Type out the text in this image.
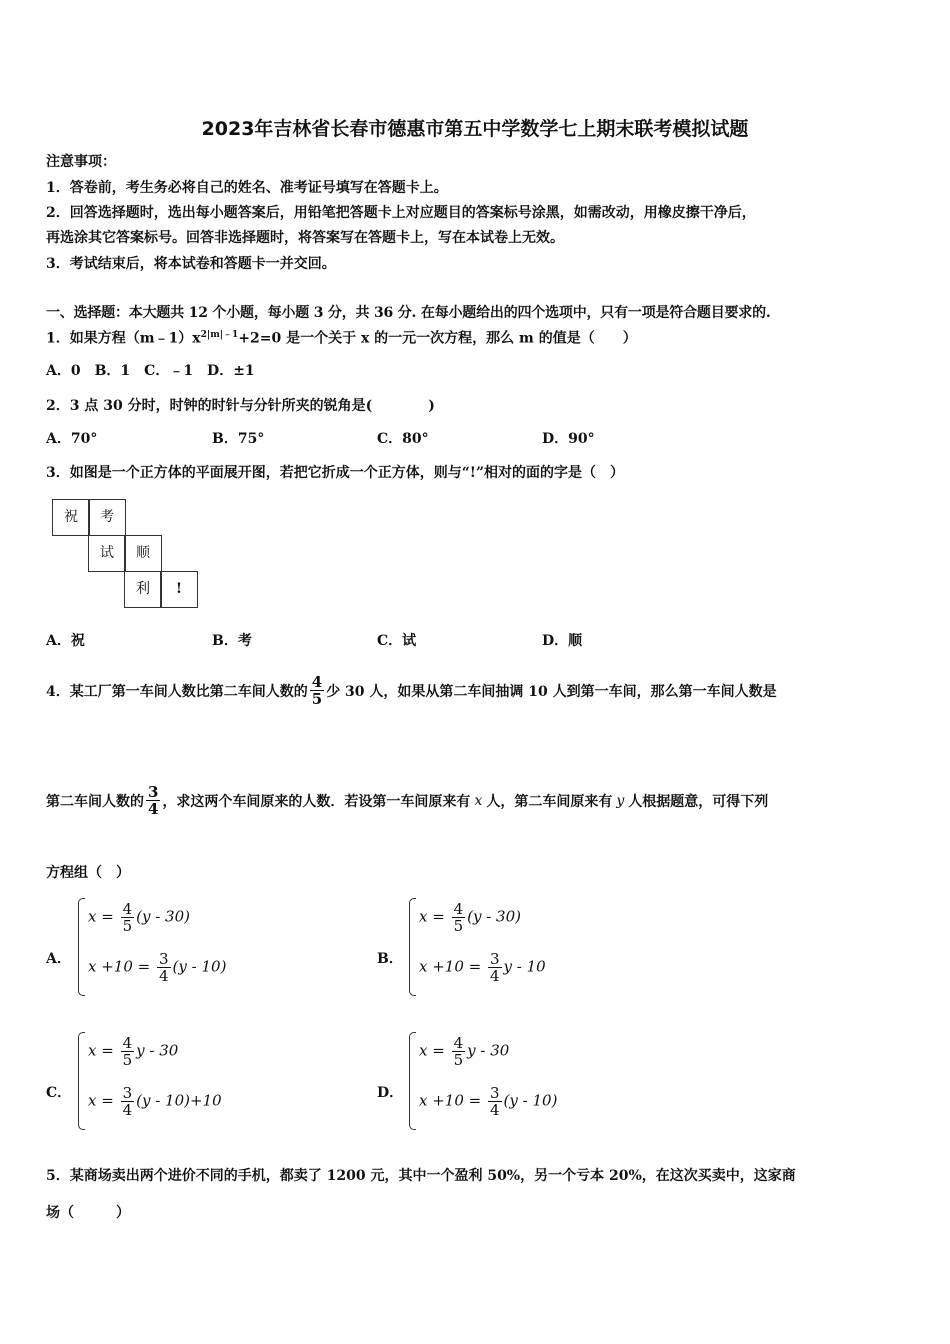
2023年吉林省长春市德惠市第五中学数学七上期末联考模拟试题
注意事项：
1．答卷前，考生务必将自己的姓名、准考证号填写在答题卡上。
2．回答选择题时，选出每小题答案后，用铅笔把答题卡上对应题目的答案标号涂黑，如需改动，用橡皮擦干净后，
再选涂其它答案标号。回答非选择题时，将答案写在答题卡上，写在本试卷上无效。
3．考试结束后，将本试卷和答题卡一并交回。
一、选择题：本大题共 12 个小题，每小题 3 分，共 36 分. 在每小题给出的四个选项中，只有一项是符合题目要求的.
1．如果方程$(m﹣1)x^{2|m|﹣1}+2=0$ 是一个关于 x 的一元一次方程，那么 m 的值是（　　）
A．0　B．1　C．﹣1　D．±1
2．3 点 30 分时，时钟的时针与分针所夹的锐角是(　　　　)
A．70°	B．75°	C．80°	D．90°
3．如图是一个正方体的平面展开图，若把它折成一个正方体，则与“!”相对的面的字是（　）
祝	考
试	顺
利	!
A．祝	B．考	C．试	D．顺
4．某工厂第一车间人数比第二车间人数的 $\frac{4}{5}$ 少 30 人，如果从第二车间抽调 10 人到第一车间，那么第一车间人数是
第二车间人数的 $\frac{3}{4}$ ，求这两个车间原来的人数．若设第一车间原来有 x 人，第二车间原来有 y 人根据题意，可得下列
方程组（　）
A．
$x = \frac{4}{5} (y - 30)$
$x +10 = \frac{3}{4} (y - 10)$	B．
$x = \frac{4}{5} (y - 30)$
$x +10 = \frac{3}{4}$ y - 10
C．
$x = \frac{4}{5}$ y - 30
$x = \frac{3}{4} (y - 10)+10$	D．
$x = \frac{4}{5}$ y - 30
$x +10 = \frac{3}{4} (y - 10)$
5．某商场卖出两个进价不同的手机，都卖了 1200 元，其中一个盈利 50%，另一个亏本 20%，在这次买卖中，这家商
场（　　　）
